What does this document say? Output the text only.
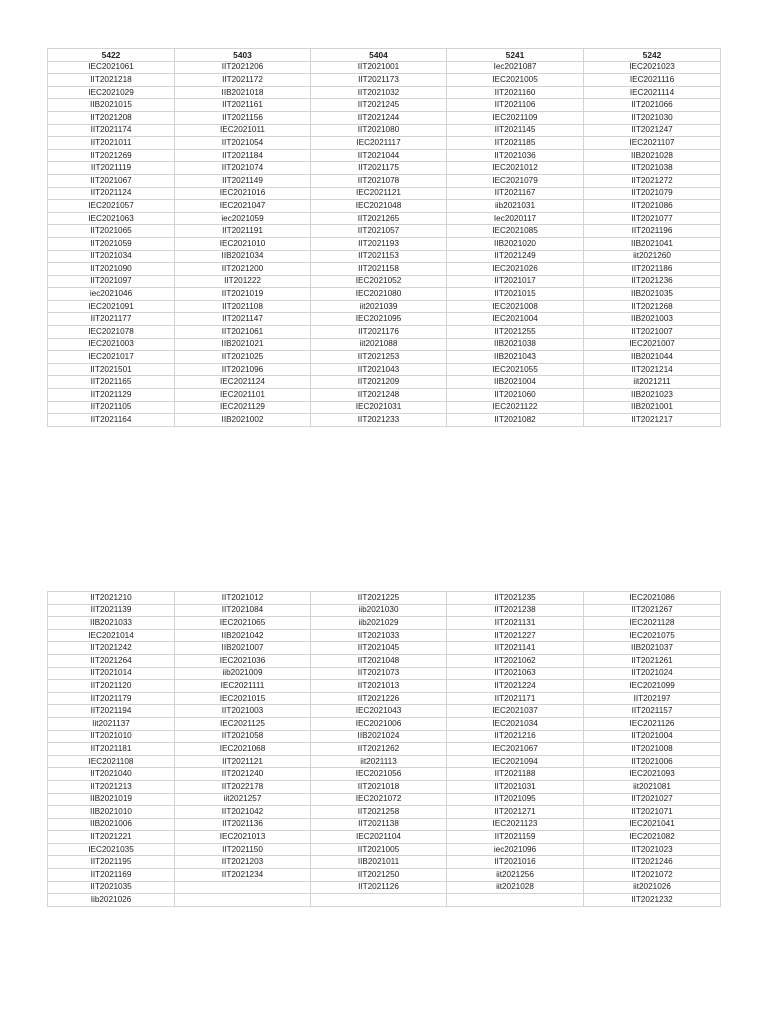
5422	5403	5404	5241	5242
IEC2021061	IIT2021206	IIT2021001	Iec2021087	IEC2021023
IIT2021218	IIT2021172	IIT2021173	IEC2021005	IEC2021116
IEC2021029	IIB2021018	IIT2021032	IIT2021160	IEC2021114
IIB2021015	IIT2021161	IIT2021245	IIT2021106	IIT2021066
IIT2021208	IIT2021156	IIT2021244	IEC2021109	IIT2021030
IIT2021174	IEC2021011	IIT2021080	IIT2021145	IIT2021247
IIT2021011	IIT2021054	IEC2021117	IIT2021185	IEC2021107
IIT2021269	IIT2021184	IIT2021044	IIT2021036	IIB2021028
IIT2021119	IIT2021074	IIT2021175	IEC2021012	IIT2021038
IIT2021067	IIT2021149	IIT2021078	IEC2021079	IIT2021272
IIT2021124	IEC2021016	IEC2021121	IIT2021167	IIT2021079
IEC2021057	IEC2021047	IEC2021048	iib2021031	IIT2021086
IEC2021063	iec2021059	IIT2021265	Iec2020117	IIT2021077
IIT2021065	IIT2021191	IIT2021057	IEC2021085	IIT2021196
IIT2021059	IEC2021010	IIT2021193	IIB2021020	IIB2021041
IIT2021034	IIB2021034	IIT2021153	IIT2021249	iit2021260
IIT2021090	IIT2021200	IIT2021158	IEC2021026	IIT2021186
IIT2021097	IIT201222	IEC2021052	IIT2021017	IIT2021236
iec2021046	IIT2021019	IEC2021080	IIT2021015	IIB2021035
IEC2021091	IIT2021108	iit2021039	IEC2021008	IIT2021268
IIT2021177	IIT2021147	IEC2021095	IEC2021004	IIB2021003
IEC2021078	IIT2021061	IIT2021176	IIT2021255	IIT2021007
IEC2021003	IIB2021021	iit2021088	IIB2021038	IEC2021007
IEC2021017	IIT2021025	IIT2021253	IIB2021043	IIB2021044
IIT2021501	IIT2021096	IIT2021043	IEC2021055	IIT2021214
IIT2021165	IEC2021124	IIT2021209	IIB2021004	iit2021211
IIT2021129	IEC2021101	IIT2021248	IIT2021060	IIB2021023
IIT2021105	IEC2021129	IEC2021031	IEC2021122	IIB2021001
IIT2021164	IIB2021002	IIT2021233	IIT2021082	IIT2021217
IIT2021210	IIT2021012	IIT2021225	IIT2021235	IEC2021086
IIT2021139	IIT2021084	iib2021030	IIT2021238	IIT2021267
IIB2021033	IEC2021065	iib2021029	IIT2021131	IEC2021128
IEC2021014	IIB2021042	IIT2021033	IIT2021227	IEC2021075
IIT2021242	IIB2021007	IIT2021045	IIT2021141	IIB2021037
IIT2021264	IEC2021036	IIT2021048	IIT2021062	IIT2021261
IIT2021014	iib2021009	IIT2021073	IIT2021063	IIT2021024
IIT2021120	IEC2021111	IIT2021013	IIT2021224	IEC2021099
IIT2021179	IEC2021015	IIT2021226	IIT2021171	IIT202197
IIT2021194	IIT2021003	IEC2021043	IEC2021037	IIT2021157
Iit2021137	IEC2021125	IEC2021006	IEC2021034	IEC2021126
IIT2021010	IIT2021058	IIB2021024	IIT2021216	IIT2021004
IIT2021181	IEC2021068	IIT2021262	IEC2021067	IIT2021008
IEC2021108	IIT2021121	iit2021113	IEC2021094	IIT2021006
IIT2021040	IIT2021240	IEC2021056	IIT2021188	IEC2021093
IIT2021213	IIT2022178	IIT2021018	IIT2021031	iit2021081
IIB2021019	iit2021257	IEC2021072	IIT2021095	IIT2021027
IIB2021010	IIT2021042	IIT2021258	IIT2021271	IIT2021071
IIB2021006	IIT2021136	IIT2021138	IEC2021123	IEC2021041
IIT2021221	IEC2021013	IEC2021104	IIT2021159	IEC2021082
IEC2021035	IIT2021150	IIT2021005	iec2021096	IIT2021023
IIT2021195	IIT2021203	IIB2021011	IIT2021016	IIT2021246
IIT2021169	IIT2021234	IIT2021250	iit2021256	IIT2021072
IIT2021035		IIT2021126	iit2021028	iit2021026
Iib2021026				IIT2021232
